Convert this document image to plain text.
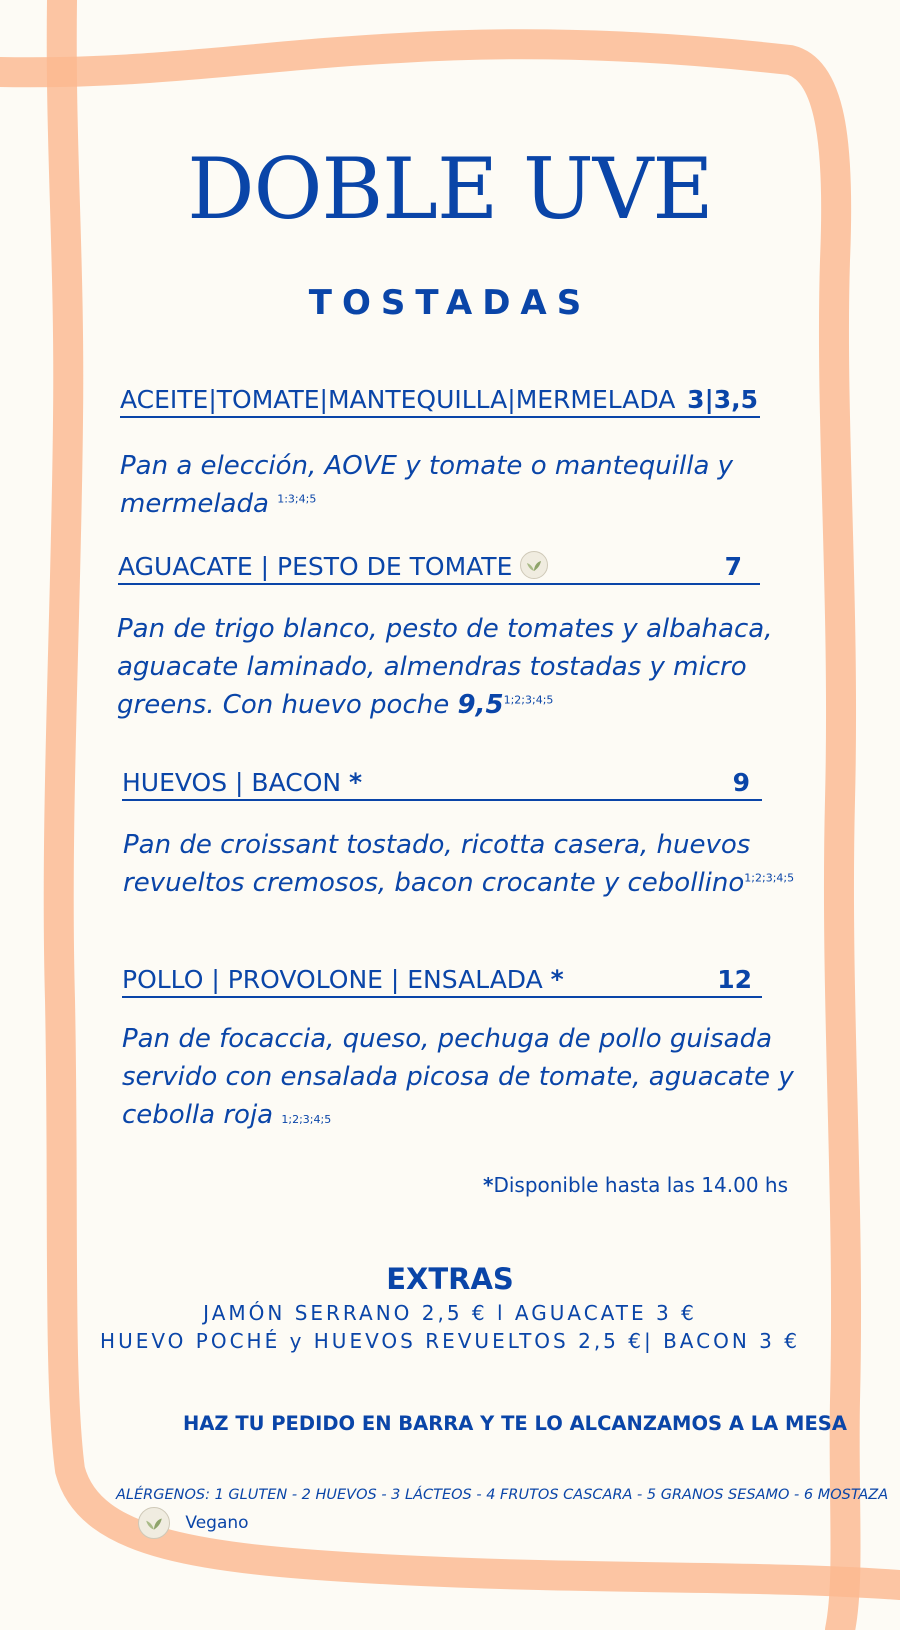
DOBLE UVE
TOSTADAS
ACEITE|TOMATE|MANTEQUILLA|MERMELADA 3|3,5
Pan a elección, AOVE y tomate o mantequilla y
mermelada $^{1:3;4;5}$
AGUACATE | PESTO DE TOMATE	7
Pan de trigo blanco, pesto de tomates y albahaca,
aguacate laminado, almendras tostadas y micro
greens. Con huevo poche 9,5$^{1;2;3;4;5}$
HUEVOS | BACON *	9
Pan de croissant tostado, ricotta casera, huevos
revueltos cremosos, bacon crocante y cebollino$^{1;2;3;4;5}$
POLLO | PROVOLONE | ENSALADA *	12
Pan de focaccia, queso, pechuga de pollo guisada
servido con ensalada picosa de tomate, aguacate y
cebolla roja 1;2;3;4;5
*Disponible hasta las 14.00 hs
EXTRAS
JAMÓN SERRANO 2,5 € l AGUACATE 3 €
HUEVO POCHÉ y HUEVOS REVUELTOS 2,5 €| BACON 3 €
HAZ TU PEDIDO EN BARRA Y TE LO ALCANZAMOS A LA MESA
ALÉRGENOS: 1 GLUTEN - 2 HUEVOS - 3 LÁCTEOS - 4 FRUTOS CASCARA - 5 GRANOS SESAMO - 6 MOSTAZA
Vegano
